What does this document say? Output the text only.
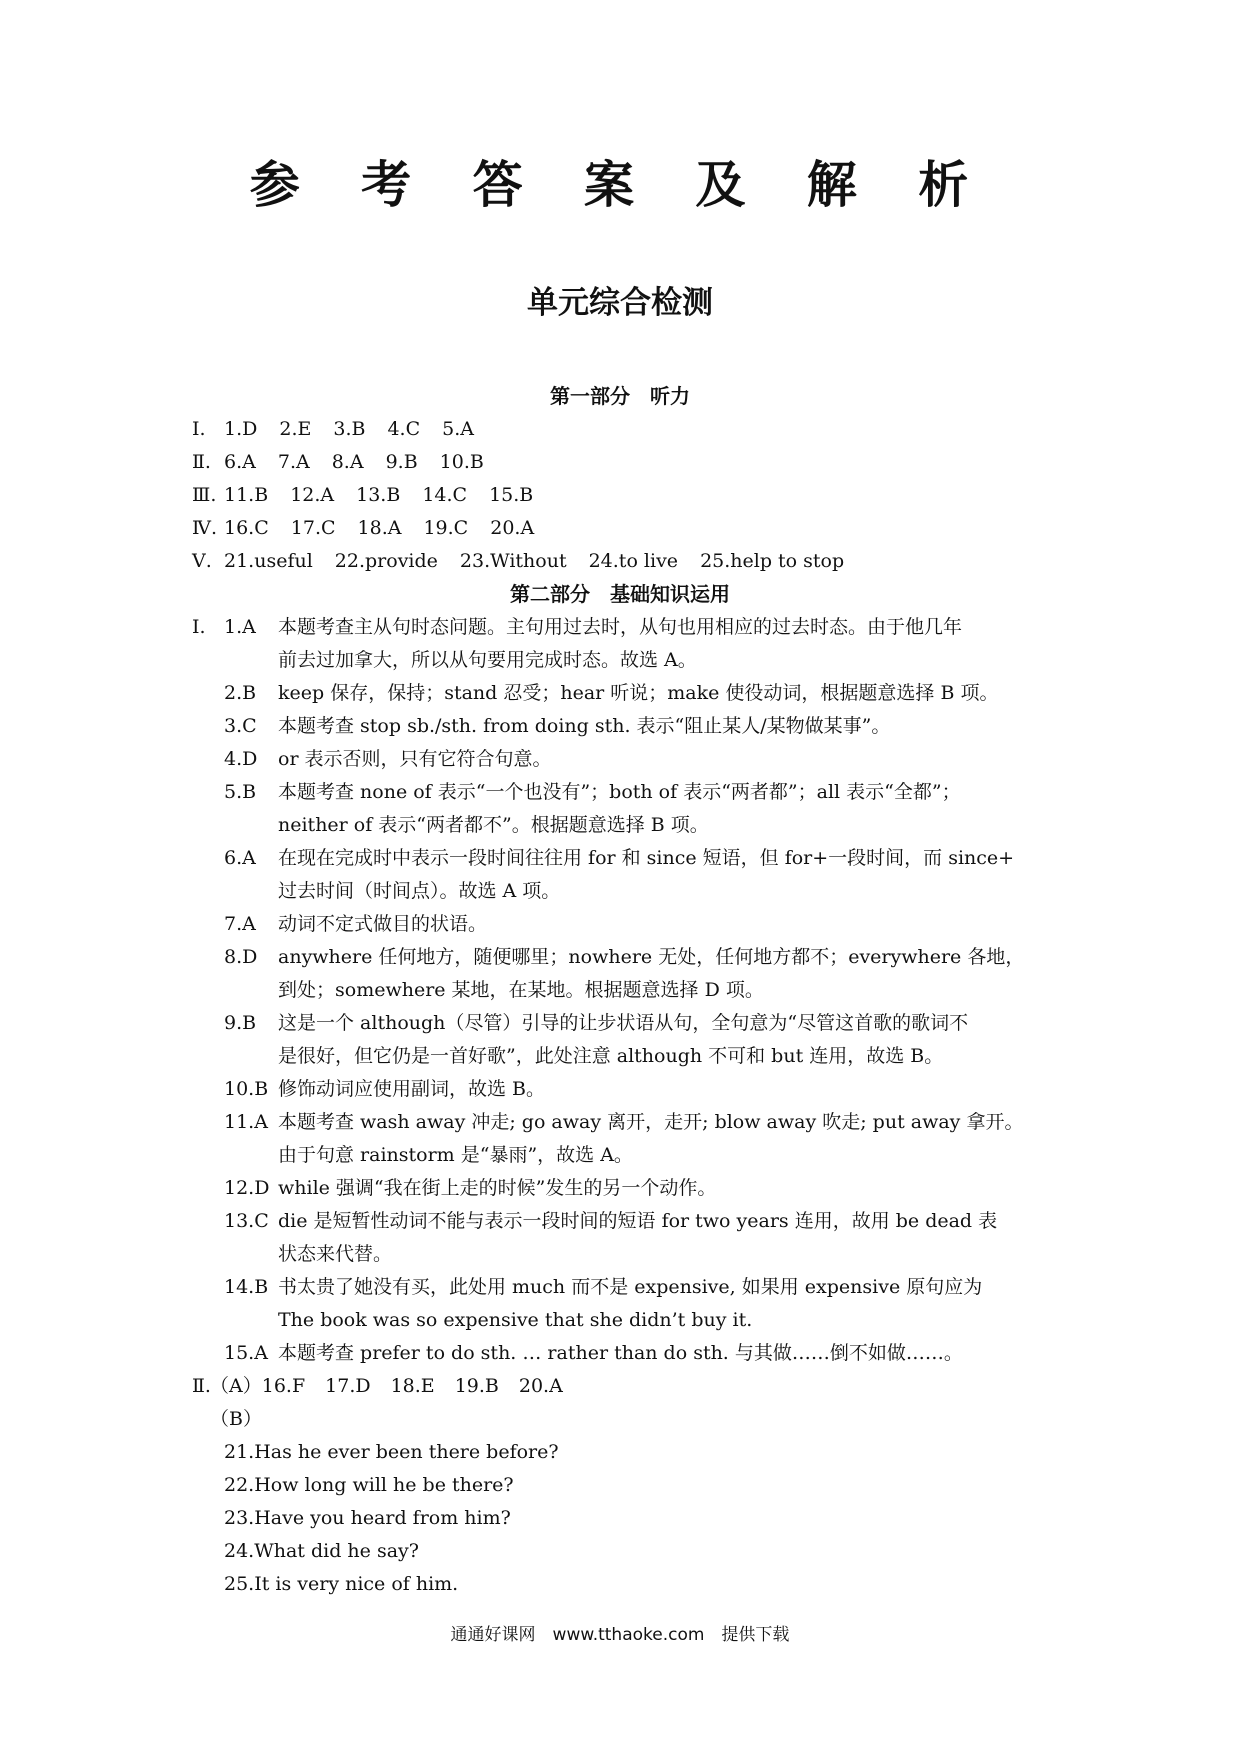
参 考 答 案 及 解 析
单元综合检测
第一部分　听力
Ⅰ. 1.D 2.E 3.B 4.C 5.A
Ⅱ. 6.A 7.A 8.A 9.B 10.B
Ⅲ. 11.B 12.A 13.B 14.C 15.B
Ⅳ. 16.C 17.C 18.A 19.C 20.A
Ⅴ. 21.useful 22.provide 23.Without 24.to live 25.help to stop
第二部分　基础知识运用
Ⅰ. 1.A 本题考查主从句时态问题。主句用过去时，从句也用相应的过去时态。由于他几年
前去过加拿大，所以从句要用完成时态。故选 A。
2.B keep 保存，保持；stand 忍受；hear 听说；make 使役动词，根据题意选择 B 项。
3.C 本题考查 stop sb./sth. from doing sth. 表示“阻止某人/某物做某事”。
4.D or 表示否则，只有它符合句意。
5.B 本题考查 none of 表示“一个也没有”；both of 表示“两者都”；all 表示“全都”；
neither of 表示“两者都不”。根据题意选择 B 项。
6.A 在现在完成时中表示一段时间往往用 for 和 since 短语，但 for+一段时间，而 since+
过去时间（时间点）。故选 A 项。
7.A 动词不定式做目的状语。
8.D anywhere 任何地方，随便哪里；nowhere 无处，任何地方都不；everywhere 各地，
到处；somewhere 某地，在某地。根据题意选择 D 项。
9.B 这是一个 although（尽管）引导的让步状语从句，全句意为“尽管这首歌的歌词不
是很好，但它仍是一首好歌”，此处注意 although 不可和 but 连用，故选 B。
10.B 修饰动词应使用副词，故选 B。
11.A 本题考查 wash away 冲走; go away 离开，走开; blow away 吹走; put away 拿开。
由于句意 rainstorm 是“暴雨”，故选 A。
12.D while 强调“我在街上走的时候”发生的另一个动作。
13.C die 是短暂性动词不能与表示一段时间的短语 for two years 连用，故用 be dead 表
状态来代替。
14.B 书太贵了她没有买，此处用 much 而不是 expensive, 如果用 expensive 原句应为
The book was so expensive that she didn’t buy it.
15.A 本题考查 prefer to do sth. … rather than do sth. 与其做……倒不如做……。
Ⅱ. （A）16.F 17.D 18.E 19.B 20.A
（B）
21.Has he ever been there before?
22.How long will he be there?
23.Have you heard from him?
24.What did he say?
25.It is very nice of him.
通通好课网　www.tthaoke.com　提供下载
